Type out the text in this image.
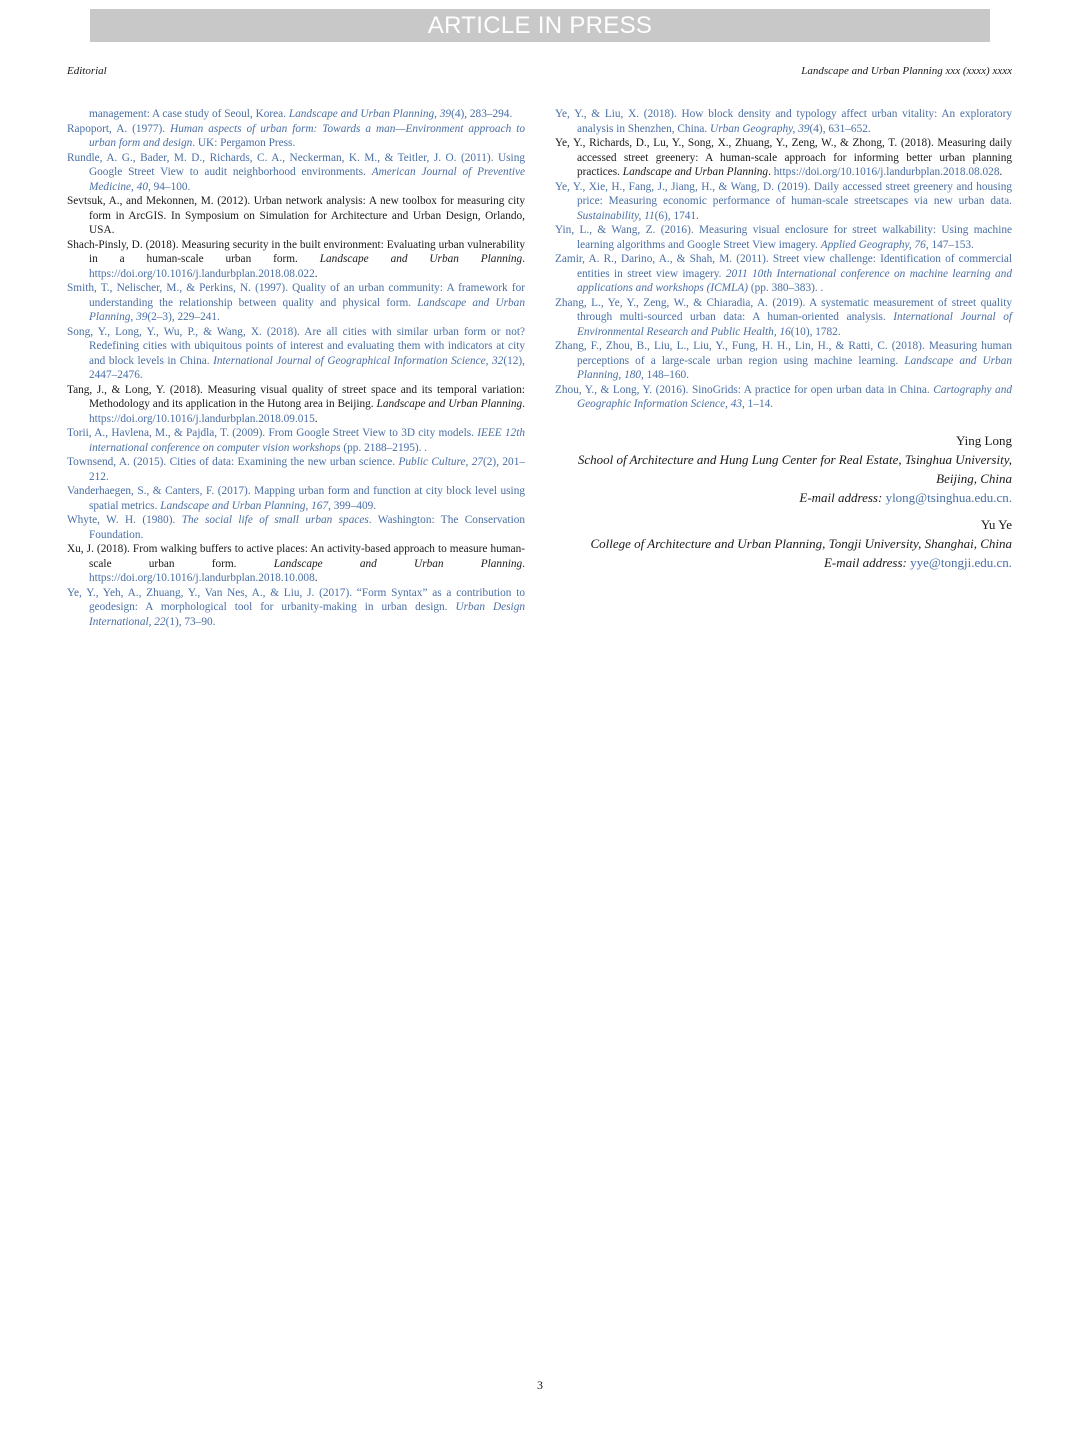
ARTICLE IN PRESS
Editorial	Landscape and Urban Planning xxx (xxxx) xxxx

management: A case study of Seoul, Korea. Landscape and Urban Planning, 39(4), 283–294.

Rapoport, A. (1977). Human aspects of urban form: Towards a man—Environment approach to urban form and design. UK: Pergamon Press.

Rundle, A. G., Bader, M. D., Richards, C. A., Neckerman, K. M., & Teitler, J. O. (2011). Using Google Street View to audit neighborhood environments. American Journal of Preventive Medicine, 40, 94–100.

Sevtsuk, A., and Mekonnen, M. (2012). Urban network analysis: A new toolbox for measuring city form in ArcGIS. In Symposium on Simulation for Architecture and Urban Design, Orlando, USA.

Shach-Pinsly, D. (2018). Measuring security in the built environment: Evaluating urban vulnerability in a human-scale urban form. Landscape and Urban Planning. https://doi.org/10.1016/j.landurbplan.2018.08.022.

Smith, T., Nelischer, M., & Perkins, N. (1997). Quality of an urban community: A framework for understanding the relationship between quality and physical form. Landscape and Urban Planning, 39(2–3), 229–241.

Song, Y., Long, Y., Wu, P., & Wang, X. (2018). Are all cities with similar urban form or not? Redefining cities with ubiquitous points of interest and evaluating them with indicators at city and block levels in China. International Journal of Geographical Information Science, 32(12), 2447–2476.

Tang, J., & Long, Y. (2018). Measuring visual quality of street space and its temporal variation: Methodology and its application in the Hutong area in Beijing. Landscape and Urban Planning. https://doi.org/10.1016/j.landurbplan.2018.09.015.

Torii, A., Havlena, M., & Pajdla, T. (2009). From Google Street View to 3D city models. IEEE 12th international conference on computer vision workshops (pp. 2188–2195). .

Townsend, A. (2015). Cities of data: Examining the new urban science. Public Culture, 27(2), 201–212.

Vanderhaegen, S., & Canters, F. (2017). Mapping urban form and function at city block level using spatial metrics. Landscape and Urban Planning, 167, 399–409.

Whyte, W. H. (1980). The social life of small urban spaces. Washington: The Conservation Foundation.

Xu, J. (2018). From walking buffers to active places: An activity-based approach to measure human-scale urban form. Landscape and Urban Planning. https://doi.org/10.1016/j.landurbplan.2018.10.008.

Ye, Y., Yeh, A., Zhuang, Y., Van Nes, A., & Liu, J. (2017). “Form Syntax” as a contribution to geodesign: A morphological tool for urbanity-making in urban design. Urban Design International, 22(1), 73–90.

Ye, Y., & Liu, X. (2018). How block density and typology affect urban vitality: An exploratory analysis in Shenzhen, China. Urban Geography, 39(4), 631–652.

Ye, Y., Richards, D., Lu, Y., Song, X., Zhuang, Y., Zeng, W., & Zhong, T. (2018). Measuring daily accessed street greenery: A human-scale approach for informing better urban planning practices. Landscape and Urban Planning. https://doi.org/10.1016/j.landurbplan.2018.08.028.

Ye, Y., Xie, H., Fang, J., Jiang, H., & Wang, D. (2019). Daily accessed street greenery and housing price: Measuring economic performance of human-scale streetscapes via new urban data. Sustainability, 11(6), 1741.

Yin, L., & Wang, Z. (2016). Measuring visual enclosure for street walkability: Using machine learning algorithms and Google Street View imagery. Applied Geography, 76, 147–153.

Zamir, A. R., Darino, A., & Shah, M. (2011). Street view challenge: Identification of commercial entities in street view imagery. 2011 10th International conference on machine learning and applications and workshops (ICMLA) (pp. 380–383). .

Zhang, L., Ye, Y., Zeng, W., & Chiaradia, A. (2019). A systematic measurement of street quality through multi-sourced urban data: A human-oriented analysis. International Journal of Environmental Research and Public Health, 16(10), 1782.

Zhang, F., Zhou, B., Liu, L., Liu, Y., Fung, H. H., Lin, H., & Ratti, C. (2018). Measuring human perceptions of a large-scale urban region using machine learning. Landscape and Urban Planning, 180, 148–160.

Zhou, Y., & Long, Y. (2016). SinoGrids: A practice for open urban data in China. Cartography and Geographic Information Science, 43, 1–14.

Ying Long
School of Architecture and Hung Lung Center for Real Estate, Tsinghua University, Beijing, China
E-mail address: ylong@tsinghua.edu.cn.
Yu Ye
College of Architecture and Urban Planning, Tongji University, Shanghai, China
E-mail address: yye@tongji.edu.cn.
3
